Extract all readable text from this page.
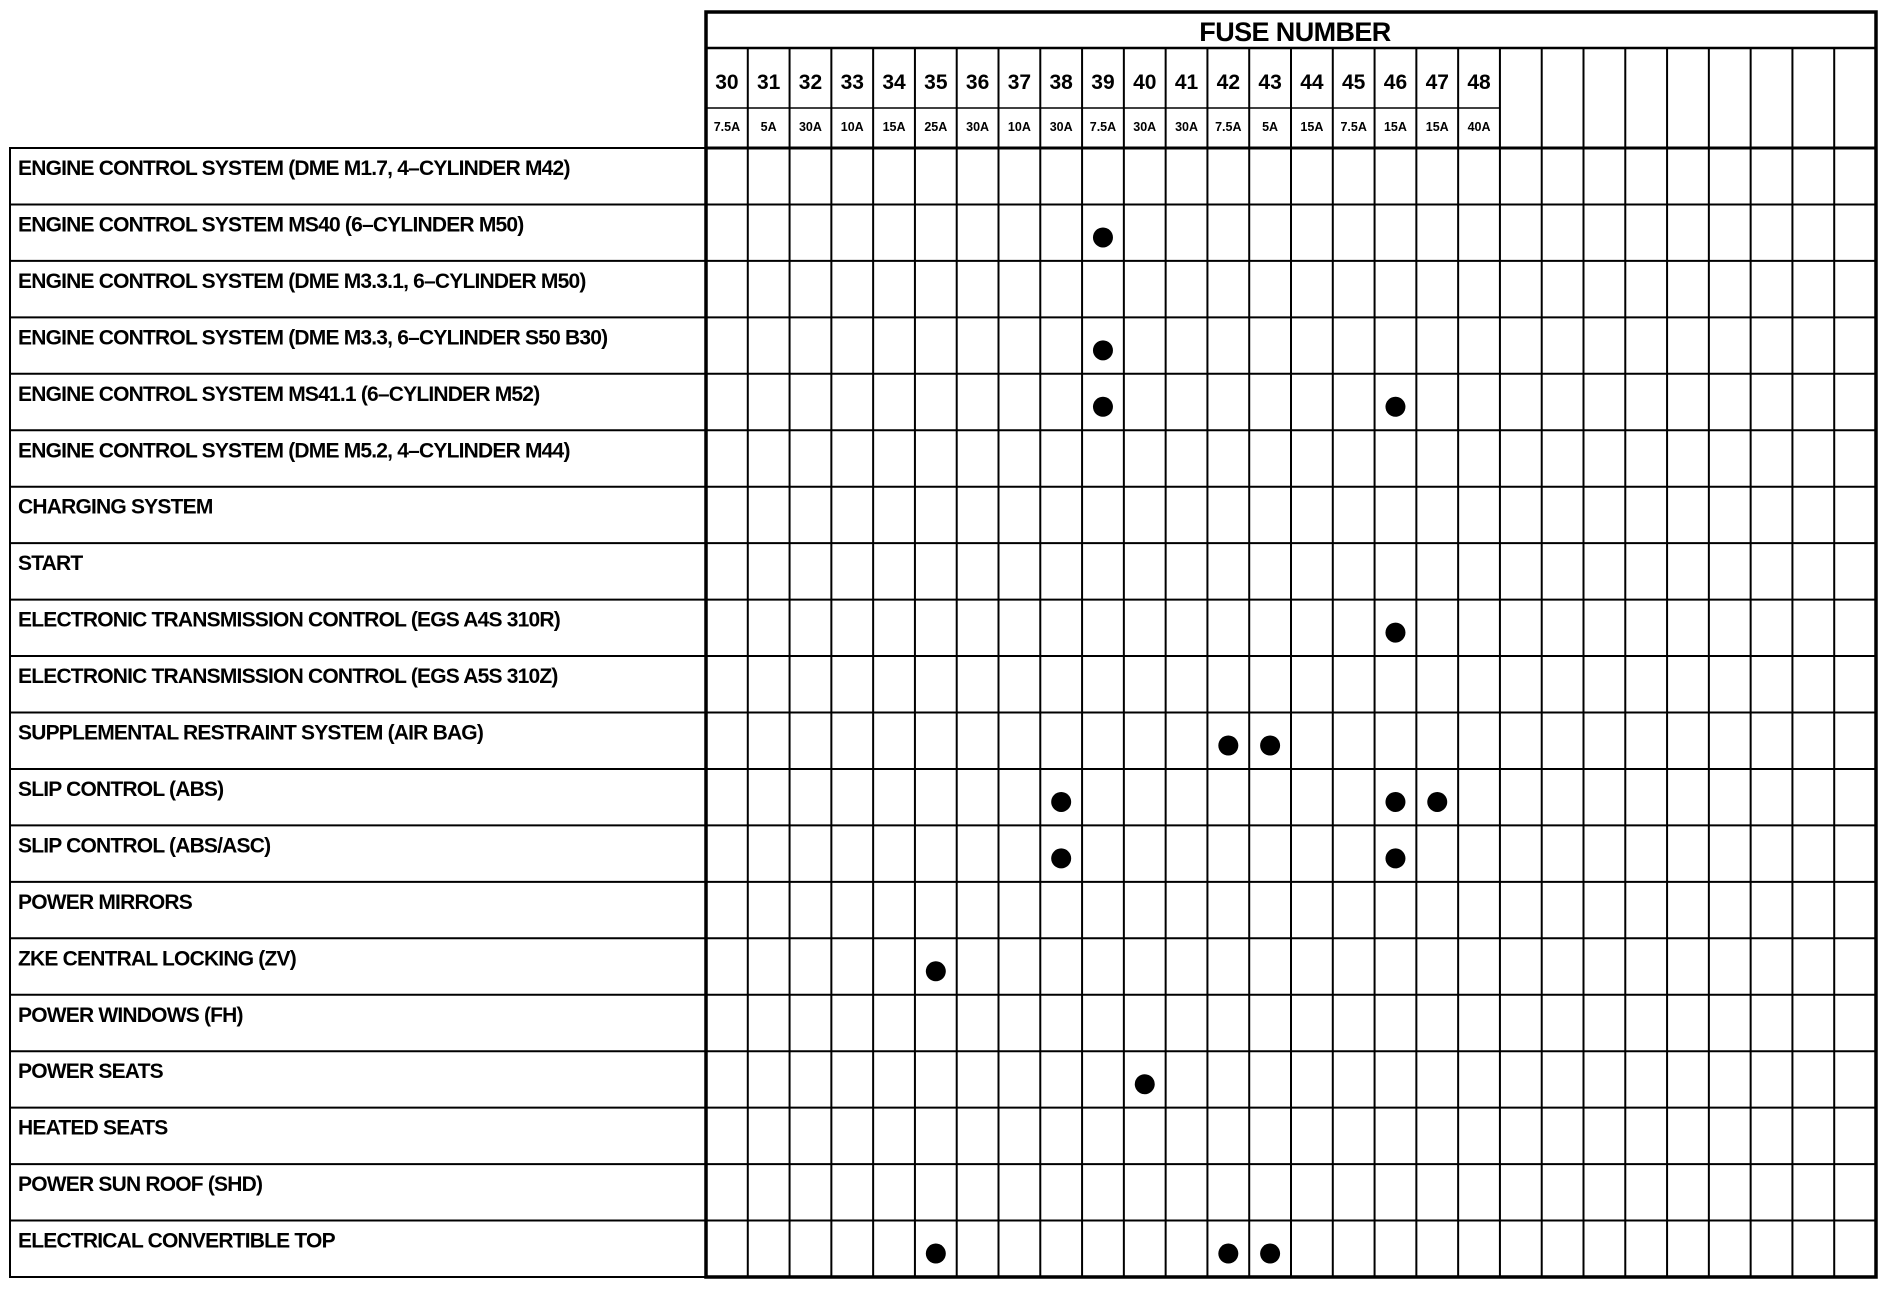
FUSE NUMBER
30
7.5A
31
5A
32
30A
33
10A
34
15A
35
25A
36
30A
37
10A
38
30A
39
7.5A
40
30A
41
30A
42
7.5A
43
5A
44
15A
45
7.5A
46
15A
47
15A
48
40A
ENGINE CONTROL SYSTEM (DME M1.7, 4–CYLINDER M42)
ENGINE CONTROL SYSTEM MS40 (6–CYLINDER M50)
ENGINE CONTROL SYSTEM (DME M3.3.1, 6–CYLINDER M50)
ENGINE CONTROL SYSTEM (DME M3.3, 6–CYLINDER S50 B30)
ENGINE CONTROL SYSTEM MS41.1 (6–CYLINDER M52)
ENGINE CONTROL SYSTEM (DME M5.2, 4–CYLINDER M44)
CHARGING SYSTEM
START
ELECTRONIC TRANSMISSION CONTROL (EGS A4S 310R)
ELECTRONIC TRANSMISSION CONTROL (EGS A5S 310Z)
SUPPLEMENTAL RESTRAINT SYSTEM (AIR BAG)
SLIP CONTROL (ABS)
SLIP CONTROL (ABS/ASC)
POWER MIRRORS
ZKE CENTRAL LOCKING (ZV)
POWER WINDOWS (FH)
POWER SEATS
HEATED SEATS
POWER SUN ROOF (SHD)
ELECTRICAL CONVERTIBLE TOP
